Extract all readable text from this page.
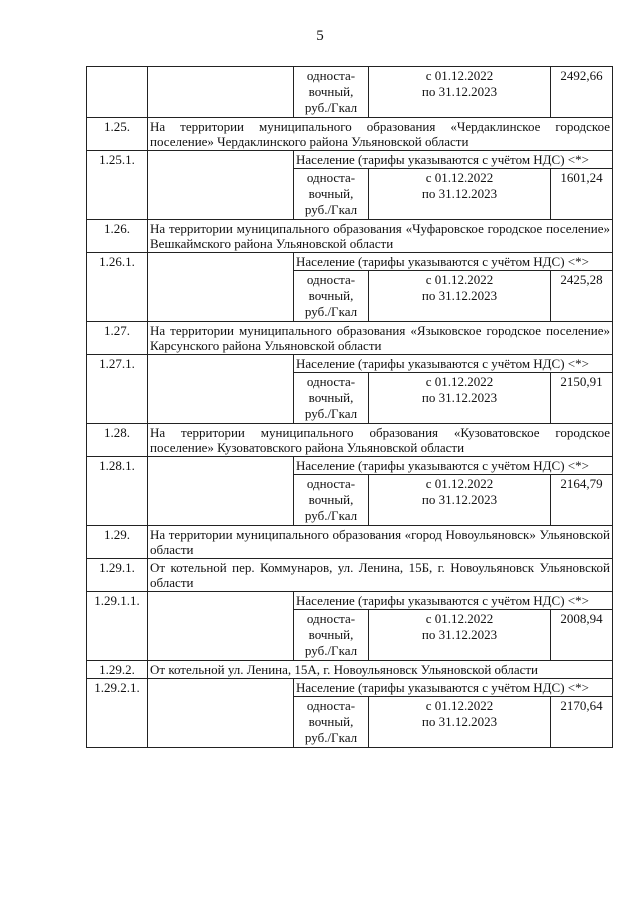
5

		односта-
вочный,
руб./Гкал	с 01.12.2022
по 31.12.2023	2492,66
1.25.	На территории муниципального образования «Чердаклинское городское поселение» Чердаклинского района Ульяновской области			
1.25.1.		Население (тарифы указываются с учётом НДС) <*>		

		односта-
вочный,
руб./Гкал	с 01.12.2022
по 31.12.2023	1601,24
1.26.	На территории муниципального образования «Чуфаровское городское поселение» Вешкаймского района Ульяновской области			
1.26.1.		Население (тарифы указываются с учётом НДС) <*>		

		односта-
вочный,
руб./Гкал	с 01.12.2022
по 31.12.2023	2425,28
1.27.	На территории муниципального образования «Языковское городское поселение» Карсунского района Ульяновской области			
1.27.1.		Население (тарифы указываются с учётом НДС) <*>		

		односта-
вочный,
руб./Гкал	с 01.12.2022
по 31.12.2023	2150,91
1.28.	На территории муниципального образования «Кузоватовское городское поселение» Кузоватовского района Ульяновской области			
1.28.1.		Население (тарифы указываются с учётом НДС) <*>		

		односта-
вочный,
руб./Гкал	с 01.12.2022
по 31.12.2023	2164,79
1.29.	На территории муниципального образования «город Новоульяновск» Ульяновской области			
1.29.1.	От котельной пер. Коммунаров, ул. Ленина, 15Б, г. Новоульяновск Ульяновской области			
1.29.1.1.		Население (тарифы указываются с учётом НДС) <*>		

		односта-
вочный,
руб./Гкал	с 01.12.2022
по 31.12.2023	2008,94
1.29.2.	От котельной ул. Ленина, 15А, г. Новоульяновск Ульяновской области			
1.29.2.1.		Население (тарифы указываются с учётом НДС) <*>		

		односта-
вочный,
руб./Гкал	с 01.12.2022
по 31.12.2023	2170,64
